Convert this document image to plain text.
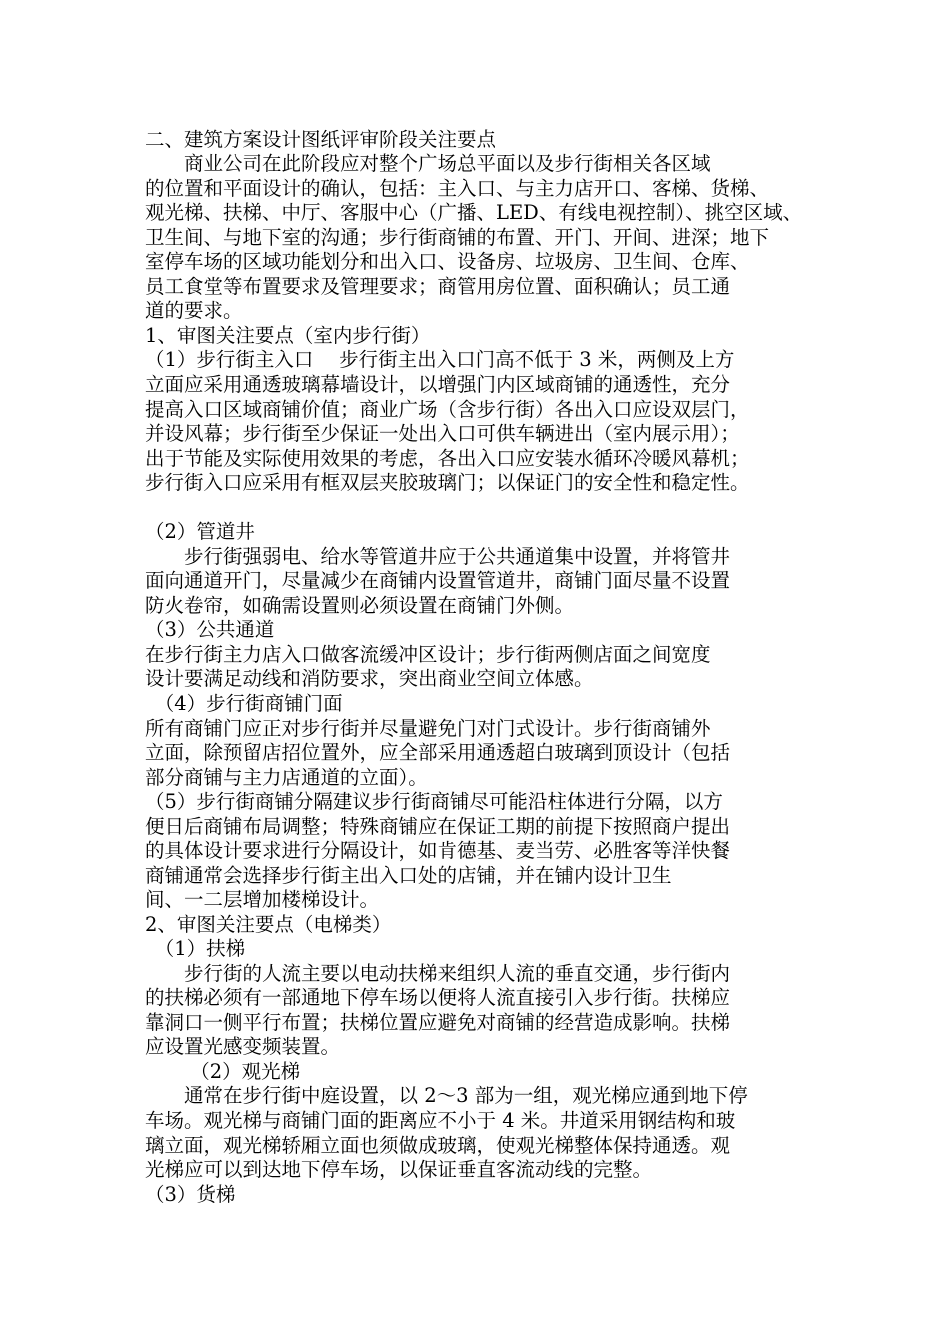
二、建筑方案设计图纸评审阶段关注要点
　　商业公司在此阶段应对整个广场总平面以及步行街相关各区域
的位置和平面设计的确认，包括：主入口、与主力店开口、客梯、货梯、
观光梯、扶梯、中厅、客服中心（广播、LED、有线电视控制）、挑空区域、
卫生间、与地下室的沟通；步行街商铺的布置、开门、开间、进深；地下
室停车场的区域功能划分和出入口、设备房、垃圾房、卫生间、仓库、
员工食堂等布置要求及管理要求；商管用房位置、面积确认；员工通
道的要求。
1、审图关注要点（室内步行街）
（1）步行街主入口　 步行街主出入口门高不低于 3 米，两侧及上方
立面应采用通透玻璃幕墙设计，以增强门内区域商铺的通透性，充分
提高入口区域商铺价值；商业广场（含步行街）各出入口应设双层门，
并设风幕；步行街至少保证一处出入口可供车辆进出（室内展示用）；
出于节能及实际使用效果的考虑，各出入口应安装水循环冷暖风幕机；
步行街入口应采用有框双层夹胶玻璃门；以保证门的安全性和稳定性。
（2）管道井
　　步行街强弱电、给水等管道井应于公共通道集中设置，并将管井
面向通道开门，尽量减少在商铺内设置管道井，商铺门面尽量不设置
防火卷帘，如确需设置则必须设置在商铺门外侧。
（3）公共通道
在步行街主力店入口做客流缓冲区设计；步行街两侧店面之间宽度
设计要满足动线和消防要求，突出商业空间立体感。
　（4）步行街商铺门面
所有商铺门应正对步行街并尽量避免门对门式设计。步行街商铺外
立面，除预留店招位置外，应全部采用通透超白玻璃到顶设计（包括
部分商铺与主力店通道的立面）。
（5）步行街商铺分隔建议步行街商铺尽可能沿柱体进行分隔，以方
便日后商铺布局调整；特殊商铺应在保证工期的前提下按照商户提出
的具体设计要求进行分隔设计，如肯德基、麦当劳、必胜客等洋快餐
商铺通常会选择步行街主出入口处的店铺，并在铺内设计卫生
间、一二层增加楼梯设计。
2、审图关注要点（电梯类）
　（1）扶梯
　　步行街的人流主要以电动扶梯来组织人流的垂直交通，步行街内
的扶梯必须有一部通地下停车场以便将人流直接引入步行街。扶梯应
靠洞口一侧平行布置；扶梯位置应避免对商铺的经营造成影响。扶梯
应设置光感变频装置。
　　 （2）观光梯
　　通常在步行街中庭设置，以 2～3 部为一组，观光梯应通到地下停
车场。观光梯与商铺门面的距离应不小于 4 米。井道采用钢结构和玻
璃立面，观光梯轿厢立面也须做成玻璃，使观光梯整体保持通透。观
光梯应可以到达地下停车场，以保证垂直客流动线的完整。
（3）货梯
